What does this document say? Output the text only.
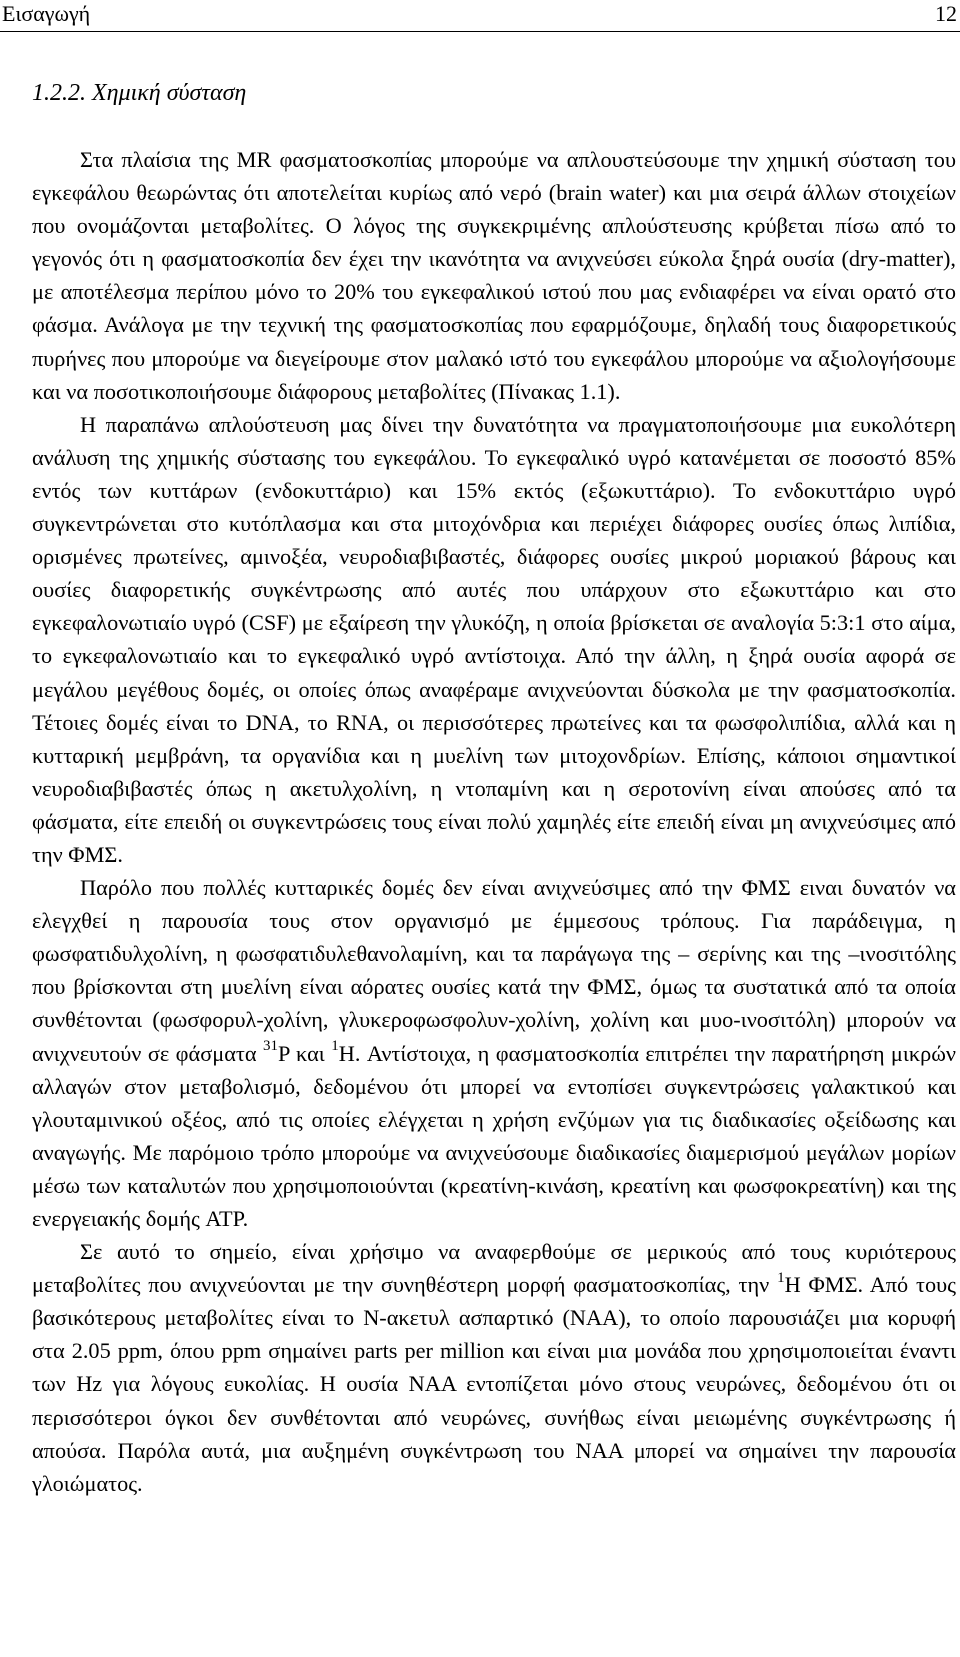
Εισαγωγή	12
1.2.2. Χημική σύσταση

Στα πλαίσια της MR φασματοσκοπίας μπορούμε να απλουστεύσουμε την χημική σύσταση του εγκεφάλου θεωρώντας ότι αποτελείται κυρίως από νερό (brain water) και μια σειρά άλλων στοιχείων που ονομάζονται μεταβολίτες. Ο λόγος της συγκεκριμένης απλούστευσης κρύβεται πίσω από το γεγονός ότι η φασματοσκοπία δεν έχει την ικανότητα να ανιχνεύσει εύκολα ξηρά ουσία (dry-matter), με αποτέλεσμα περίπου μόνο το 20% του εγκεφαλικού ιστού που μας ενδιαφέρει να είναι ορατό στο φάσμα. Ανάλογα με την τεχνική της φασματοσκοπίας που εφαρμόζουμε, δηλαδή τους διαφορετικούς πυρήνες που μπορούμε να διεγείρουμε στον μαλακό ιστό του εγκεφάλου μπορούμε να αξιολογήσουμε και να ποσοτικοποιήσουμε διάφορους μεταβολίτες (Πίνακας 1.1).

Η παραπάνω απλούστευση μας δίνει την δυνατότητα να πραγματοποιήσουμε μια ευκολότερη ανάλυση της χημικής σύστασης του εγκεφάλου. Το εγκεφαλικό υγρό κατανέμεται σε ποσοστό 85% εντός των κυττάρων (ενδοκυττάριο) και 15% εκτός (εξωκυττάριο). Το ενδοκυττάριο υγρό συγκεντρώνεται στο κυτόπλασμα και στα μιτοχόνδρια και περιέχει διάφορες ουσίες όπως λιπίδια, ορισμένες πρωτείνες, αμινοξέα, νευροδιαβιβαστές, διάφορες ουσίες μικρού μοριακού βάρους και ουσίες διαφορετικής συγκέντρωσης από αυτές που υπάρχουν στο εξωκυττάριο και στο εγκεφαλονωτιαίο υγρό (CSF) με εξαίρεση την γλυκόζη, η οποία βρίσκεται σε αναλογία 5:3:1 στο αίμα, το εγκεφαλονωτιαίο και το εγκεφαλικό υγρό αντίστοιχα. Από την άλλη, η ξηρά ουσία αφορά σε μεγάλου μεγέθους δομές, οι οποίες όπως αναφέραμε ανιχνεύονται δύσκολα με την φασματοσκοπία. Τέτοιες δομές είναι το DNA, το RNA, οι περισσότερες πρωτείνες και τα φωσφολιπίδια, αλλά και η κυτταρική μεμβράνη, τα οργανίδια και η μυελίνη των μιτοχονδρίων. Επίσης, κάποιοι σημαντικοί νευροδιαβιβαστές όπως η ακετυλχολίνη, η ντοπαμίνη και η σεροτονίνη είναι απούσες από τα φάσματα, είτε επειδή οι συγκεντρώσεις τους είναι πολύ χαμηλές είτε επειδή είναι μη ανιχνεύσιμες από την ΦΜΣ.

Παρόλο που πολλές κυτταρικές δομές δεν είναι ανιχνεύσιμες από την ΦΜΣ ειναι δυνατόν να ελεγχθεί η παρουσία τους στον οργανισμό με έμμεσους τρόπους. Για παράδειγμα, η φωσφατιδυλχολίνη, η φωσφατιδυλεθανολαμίνη, και τα παράγωγα της – σερίνης και της –ινοσιτόλης που βρίσκονται στη μυελίνη είναι αόρατες ουσίες κατά την ΦΜΣ, όμως τα συστατικά από τα οποία συνθέτονται (φωσφορυλ-χολίνη, γλυκεροφωσφολυν-χολίνη, χολίνη και μυο-ινοσιτόλη) μπορούν να ανιχνευτούν σε φάσματα $^{31}$P και $^1$H. Αντίστοιχα, η φασματοσκοπία επιτρέπει την παρατήρηση μικρών αλλαγών στον μεταβολισμό, δεδομένου ότι μπορεί να εντοπίσει συγκεντρώσεις γαλακτικού και γλουταμινικού οξέος, από τις οποίες ελέγχεται η χρήση ενζύμων για τις διαδικασίες οξείδωσης και αναγωγής. Με παρόμοιο τρόπο μπορούμε να ανιχνεύσουμε διαδικασίες διαμερισμού μεγάλων μορίων μέσω των καταλυτών που χρησιμοποιούνται (κρεατίνη-κινάση, κρεατίνη και φωσφοκρεατίνη) και της ενεργειακής δομής ATP.

Σε αυτό το σημείο, είναι χρήσιμο να αναφερθούμε σε μερικούς από τους κυριότερους μεταβολίτες που ανιχνεύονται με την συνηθέστερη μορφή φασματοσκοπίας, την $^1$H ΦΜΣ. Από τους βασικότερους μεταβολίτες είναι το N-ακετυλ ασπαρτικό (NAA), το οποίο παρουσιάζει μια κορυφή στα 2.05 ppm, όπου ppm σημαίνει parts per million και είναι μια μονάδα που χρησιμοποιείται έναντι των Hz για λόγους ευκολίας. Η ουσία NAA εντοπίζεται μόνο στους νευρώνες, δεδομένου ότι οι περισσότεροι όγκοι δεν συνθέτονται από νευρώνες, συνήθως είναι μειωμένης συγκέντρωσης ή απούσα. Παρόλα αυτά, μια αυξημένη συγκέντρωση του NAA μπορεί να σημαίνει την παρουσία γλοιώματος.
